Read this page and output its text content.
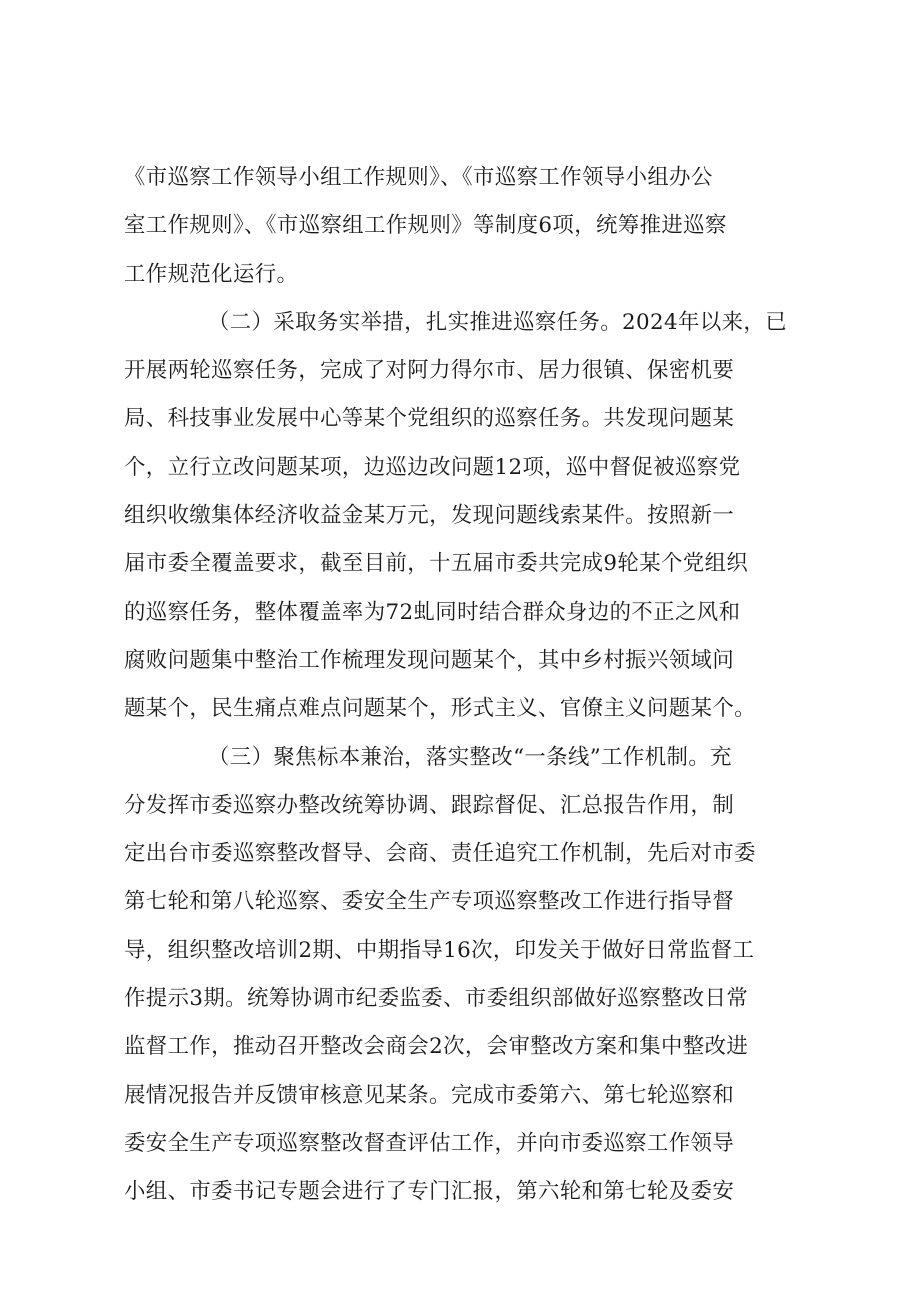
《市巡察工作领导小组工作规则》、《市巡察工作领导小组办公
室工作规则》、《市巡察组工作规则》等制度6项，统筹推进巡察
工作规范化运行。
（二）采取务实举措，扎实推进巡察任务。2024年以来，已
开展两轮巡察任务，完成了对阿力得尔市、居力很镇、保密机要
局、科技事业发展中心等某个党组织的巡察任务。共发现问题某
个，立行立改问题某项，边巡边改问题12项，巡中督促被巡察党
组织收缴集体经济收益金某万元，发现问题线索某件。按照新一
届市委全覆盖要求，截至目前，十五届市委共完成9轮某个党组织
的巡察任务，整体覆盖率为72虬同时结合群众身边的不正之风和
腐败问题集中整治工作梳理发现问题某个，其中乡村振兴领域问
题某个，民生痛点难点问题某个，形式主义、官僚主义问题某个。
（三）聚焦标本兼治，落实整改“一条线”工作机制。充
分发挥市委巡察办整改统筹协调、跟踪督促、汇总报告作用，制
定出台市委巡察整改督导、会商、责任追究工作机制，先后对市委
第七轮和第八轮巡察、委安全生产专项巡察整改工作进行指导督
导，组织整改培训2期、中期指导16次，印发关于做好日常监督工
作提示3期。统筹协调市纪委监委、市委组织部做好巡察整改日常
监督工作，推动召开整改会商会2次，会审整改方案和集中整改进
展情况报告并反馈审核意见某条。完成市委第六、第七轮巡察和
委安全生产专项巡察整改督查评估工作，并向市委巡察工作领导
小组、市委书记专题会进行了专门汇报，第六轮和第七轮及委安
